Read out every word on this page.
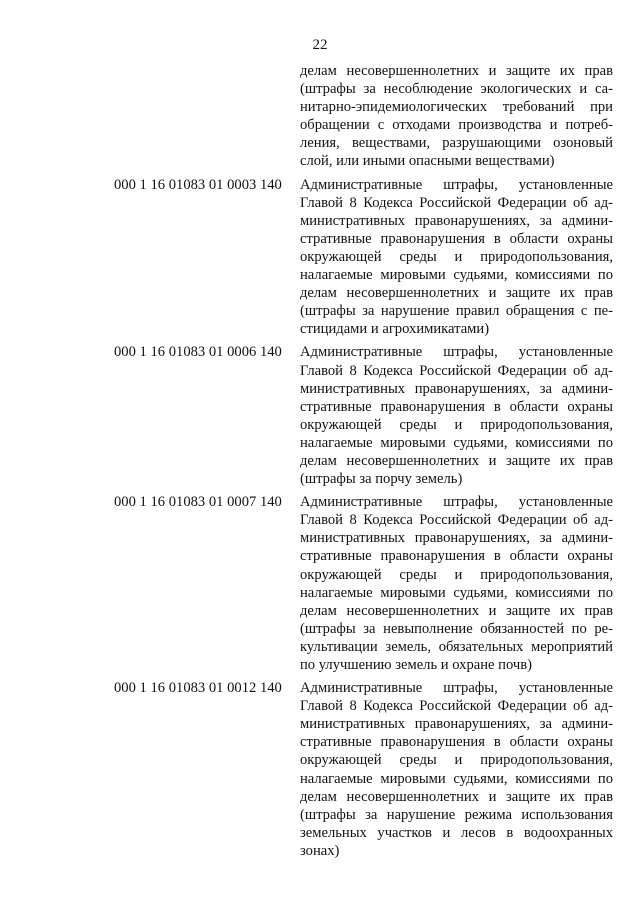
22
делам несовершеннолетних и защите их прав
(штрафы за несоблюдение экологических и са-
нитарно-эпидемиологических требований при
обращении с отходами производства и потреб-
ления, веществами, разрушающими озоновый
слой, или иными опасными веществами)
000 1 16 01083 01 0003 140 Административные штрафы, установленные
Главой 8 Кодекса Российской Федерации об ад-
министративных правонарушениях, за админи-
стративные правонарушения в области охраны
окружающей среды и природопользования,
налагаемые мировыми судьями, комиссиями по
делам несовершеннолетних и защите их прав
(штрафы за нарушение правил обращения с пе-
стицидами и агрохимикатами)
000 1 16 01083 01 0006 140 Административные штрафы, установленные
Главой 8 Кодекса Российской Федерации об ад-
министративных правонарушениях, за админи-
стративные правонарушения в области охраны
окружающей среды и природопользования,
налагаемые мировыми судьями, комиссиями по
делам несовершеннолетних и защите их прав
(штрафы за порчу земель)
000 1 16 01083 01 0007 140 Административные штрафы, установленные
Главой 8 Кодекса Российской Федерации об ад-
министративных правонарушениях, за админи-
стративные правонарушения в области охраны
окружающей среды и природопользования,
налагаемые мировыми судьями, комиссиями по
делам несовершеннолетних и защите их прав
(штрафы за невыполнение обязанностей по ре-
культивации земель, обязательных мероприятий
по улучшению земель и охране почв)
000 1 16 01083 01 0012 140 Административные штрафы, установленные
Главой 8 Кодекса Российской Федерации об ад-
министративных правонарушениях, за админи-
стративные правонарушения в области охраны
окружающей среды и природопользования,
налагаемые мировыми судьями, комиссиями по
делам несовершеннолетних и защите их прав
(штрафы за нарушение режима использования
земельных участков и лесов в водоохранных
зонах)
